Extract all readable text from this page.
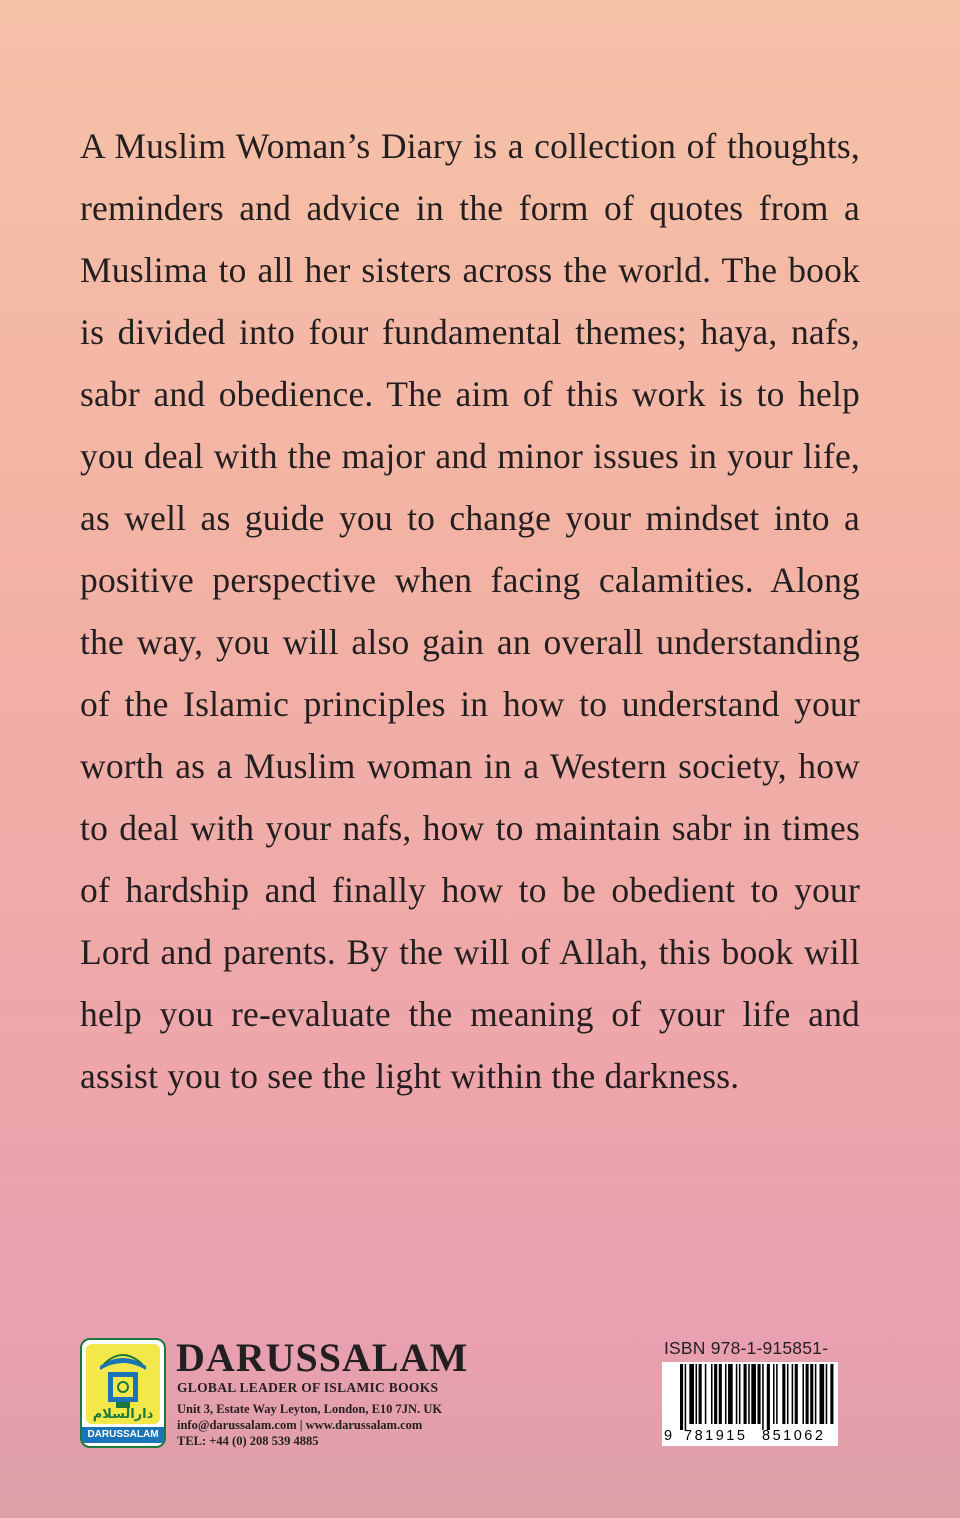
A Muslim Woman’s Diary is a collection of thoughts, reminders and advice in the form of quotes from a Muslima to all her sisters across the world. The book is divided into four fundamental themes; haya, nafs, sabr and obedience. The aim of this work is to help you deal with the major and minor issues in your life, as well as guide you to change your mindset into a positive perspective when facing calamities. Along the way, you will also gain an overall understanding of the Islamic principles in how to understand your worth as a Muslim woman in a Western society, how to deal with your nafs, how to maintain sabr in times of hardship and finally how to be obedient to your Lord and parents. By the will of Allah, this book will help you re-evaluate the meaning of your life and assist you to see the light within the darkness.
دارالسلام
DARUSSALAM
DARUSSALAM
GLOBAL LEADER OF ISLAMIC BOOKS
Unit 3, Estate Way Leyton, London, E10 7JN. UK
info@darussalam.com | www.darussalam.com
TEL: +44 (0) 208 539 4885
ISBN 978-1-915851-
9 781915 851062
